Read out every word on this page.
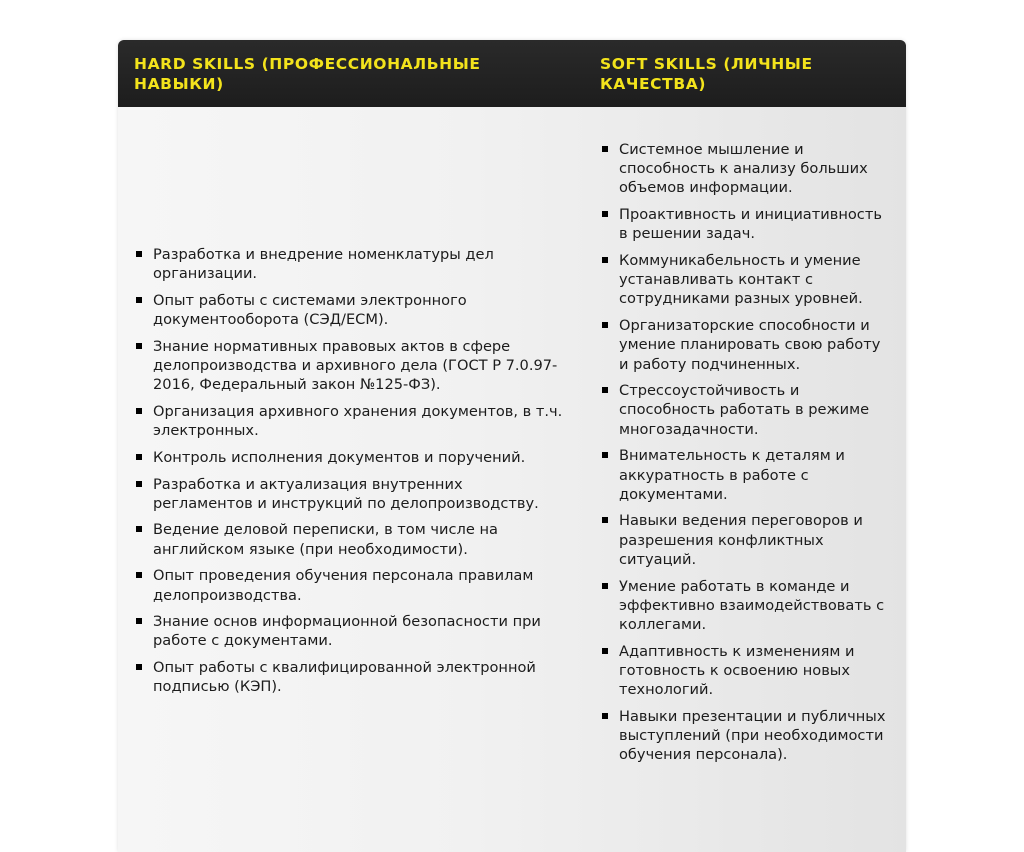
HARD SKILLS (ПРОФЕССИОНАЛЬНЫЕ НАВЫКИ)
SOFT SKILLS (ЛИЧНЫЕ КАЧЕСТВА)
Разработка и внедрение номенклатуры дел организации.
Опыт работы с системами электронного документооборота (СЭД/ECM).
Знание нормативных правовых актов в сфере делопроизводства и архивного дела (ГОСТ Р 7.0.97-2016, Федеральный закон №125-ФЗ).
Организация архивного хранения документов, в т.ч. электронных.
Контроль исполнения документов и поручений.
Разработка и актуализация внутренних регламентов и инструкций по делопроизводству.
Ведение деловой переписки, в том числе на английском языке (при необходимости).
Опыт проведения обучения персонала правилам делопроизводства.
Знание основ информационной безопасности при работе с документами.
Опыт работы с квалифицированной электронной подписью (КЭП).
Системное мышление и способность к анализу больших объемов информации.
Проактивность и инициативность в решении задач.
Коммуникабельность и умение устанавливать контакт с сотрудниками разных уровней.
Организаторские способности и умение планировать свою работу и работу подчиненных.
Стрессоустойчивость и способность работать в режиме многозадачности.
Внимательность к деталям и аккуратность в работе с документами.
Навыки ведения переговоров и разрешения конфликтных ситуаций.
Умение работать в команде и эффективно взаимодействовать с коллегами.
Адаптивность к изменениям и готовность к освоению новых технологий.
Навыки презентации и публичных выступлений (при необходимости обучения персонала).
